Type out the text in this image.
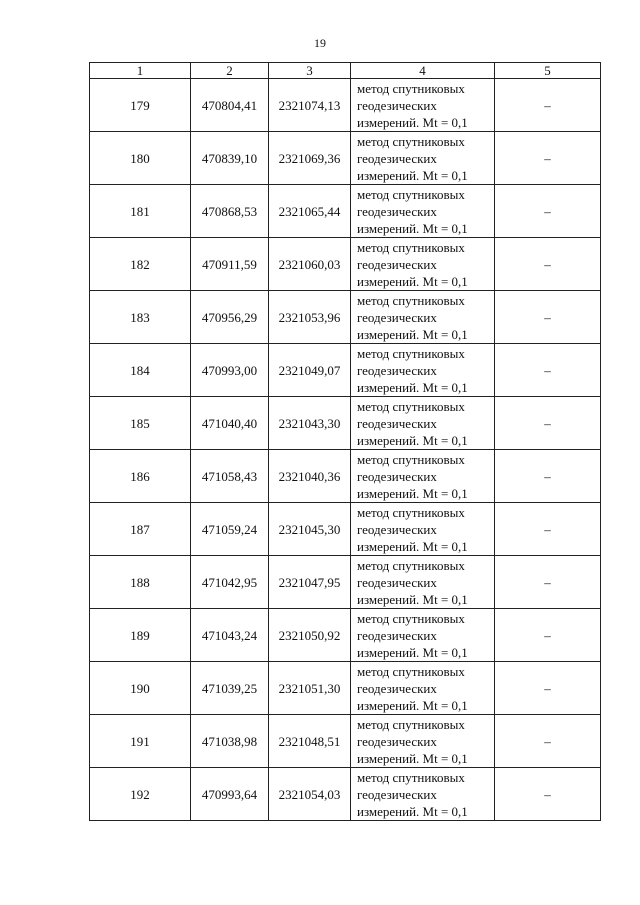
19
1	2	3	4	5
179	470804,41	2321074,13	метод спутниковых
геодезических
измерений. Mt = 0,1	–
180	470839,10	2321069,36	метод спутниковых
геодезических
измерений. Mt = 0,1	–
181	470868,53	2321065,44	метод спутниковых
геодезических
измерений. Mt = 0,1	–
182	470911,59	2321060,03	метод спутниковых
геодезических
измерений. Mt = 0,1	–
183	470956,29	2321053,96	метод спутниковых
геодезических
измерений. Mt = 0,1	–
184	470993,00	2321049,07	метод спутниковых
геодезических
измерений. Mt = 0,1	–
185	471040,40	2321043,30	метод спутниковых
геодезических
измерений. Mt = 0,1	–
186	471058,43	2321040,36	метод спутниковых
геодезических
измерений. Mt = 0,1	–
187	471059,24	2321045,30	метод спутниковых
геодезических
измерений. Mt = 0,1	–
188	471042,95	2321047,95	метод спутниковых
геодезических
измерений. Mt = 0,1	–
189	471043,24	2321050,92	метод спутниковых
геодезических
измерений. Mt = 0,1	–
190	471039,25	2321051,30	метод спутниковых
геодезических
измерений. Mt = 0,1	–
191	471038,98	2321048,51	метод спутниковых
геодезических
измерений. Mt = 0,1	–
192	470993,64	2321054,03	метод спутниковых
геодезических
измерений. Mt = 0,1	–
